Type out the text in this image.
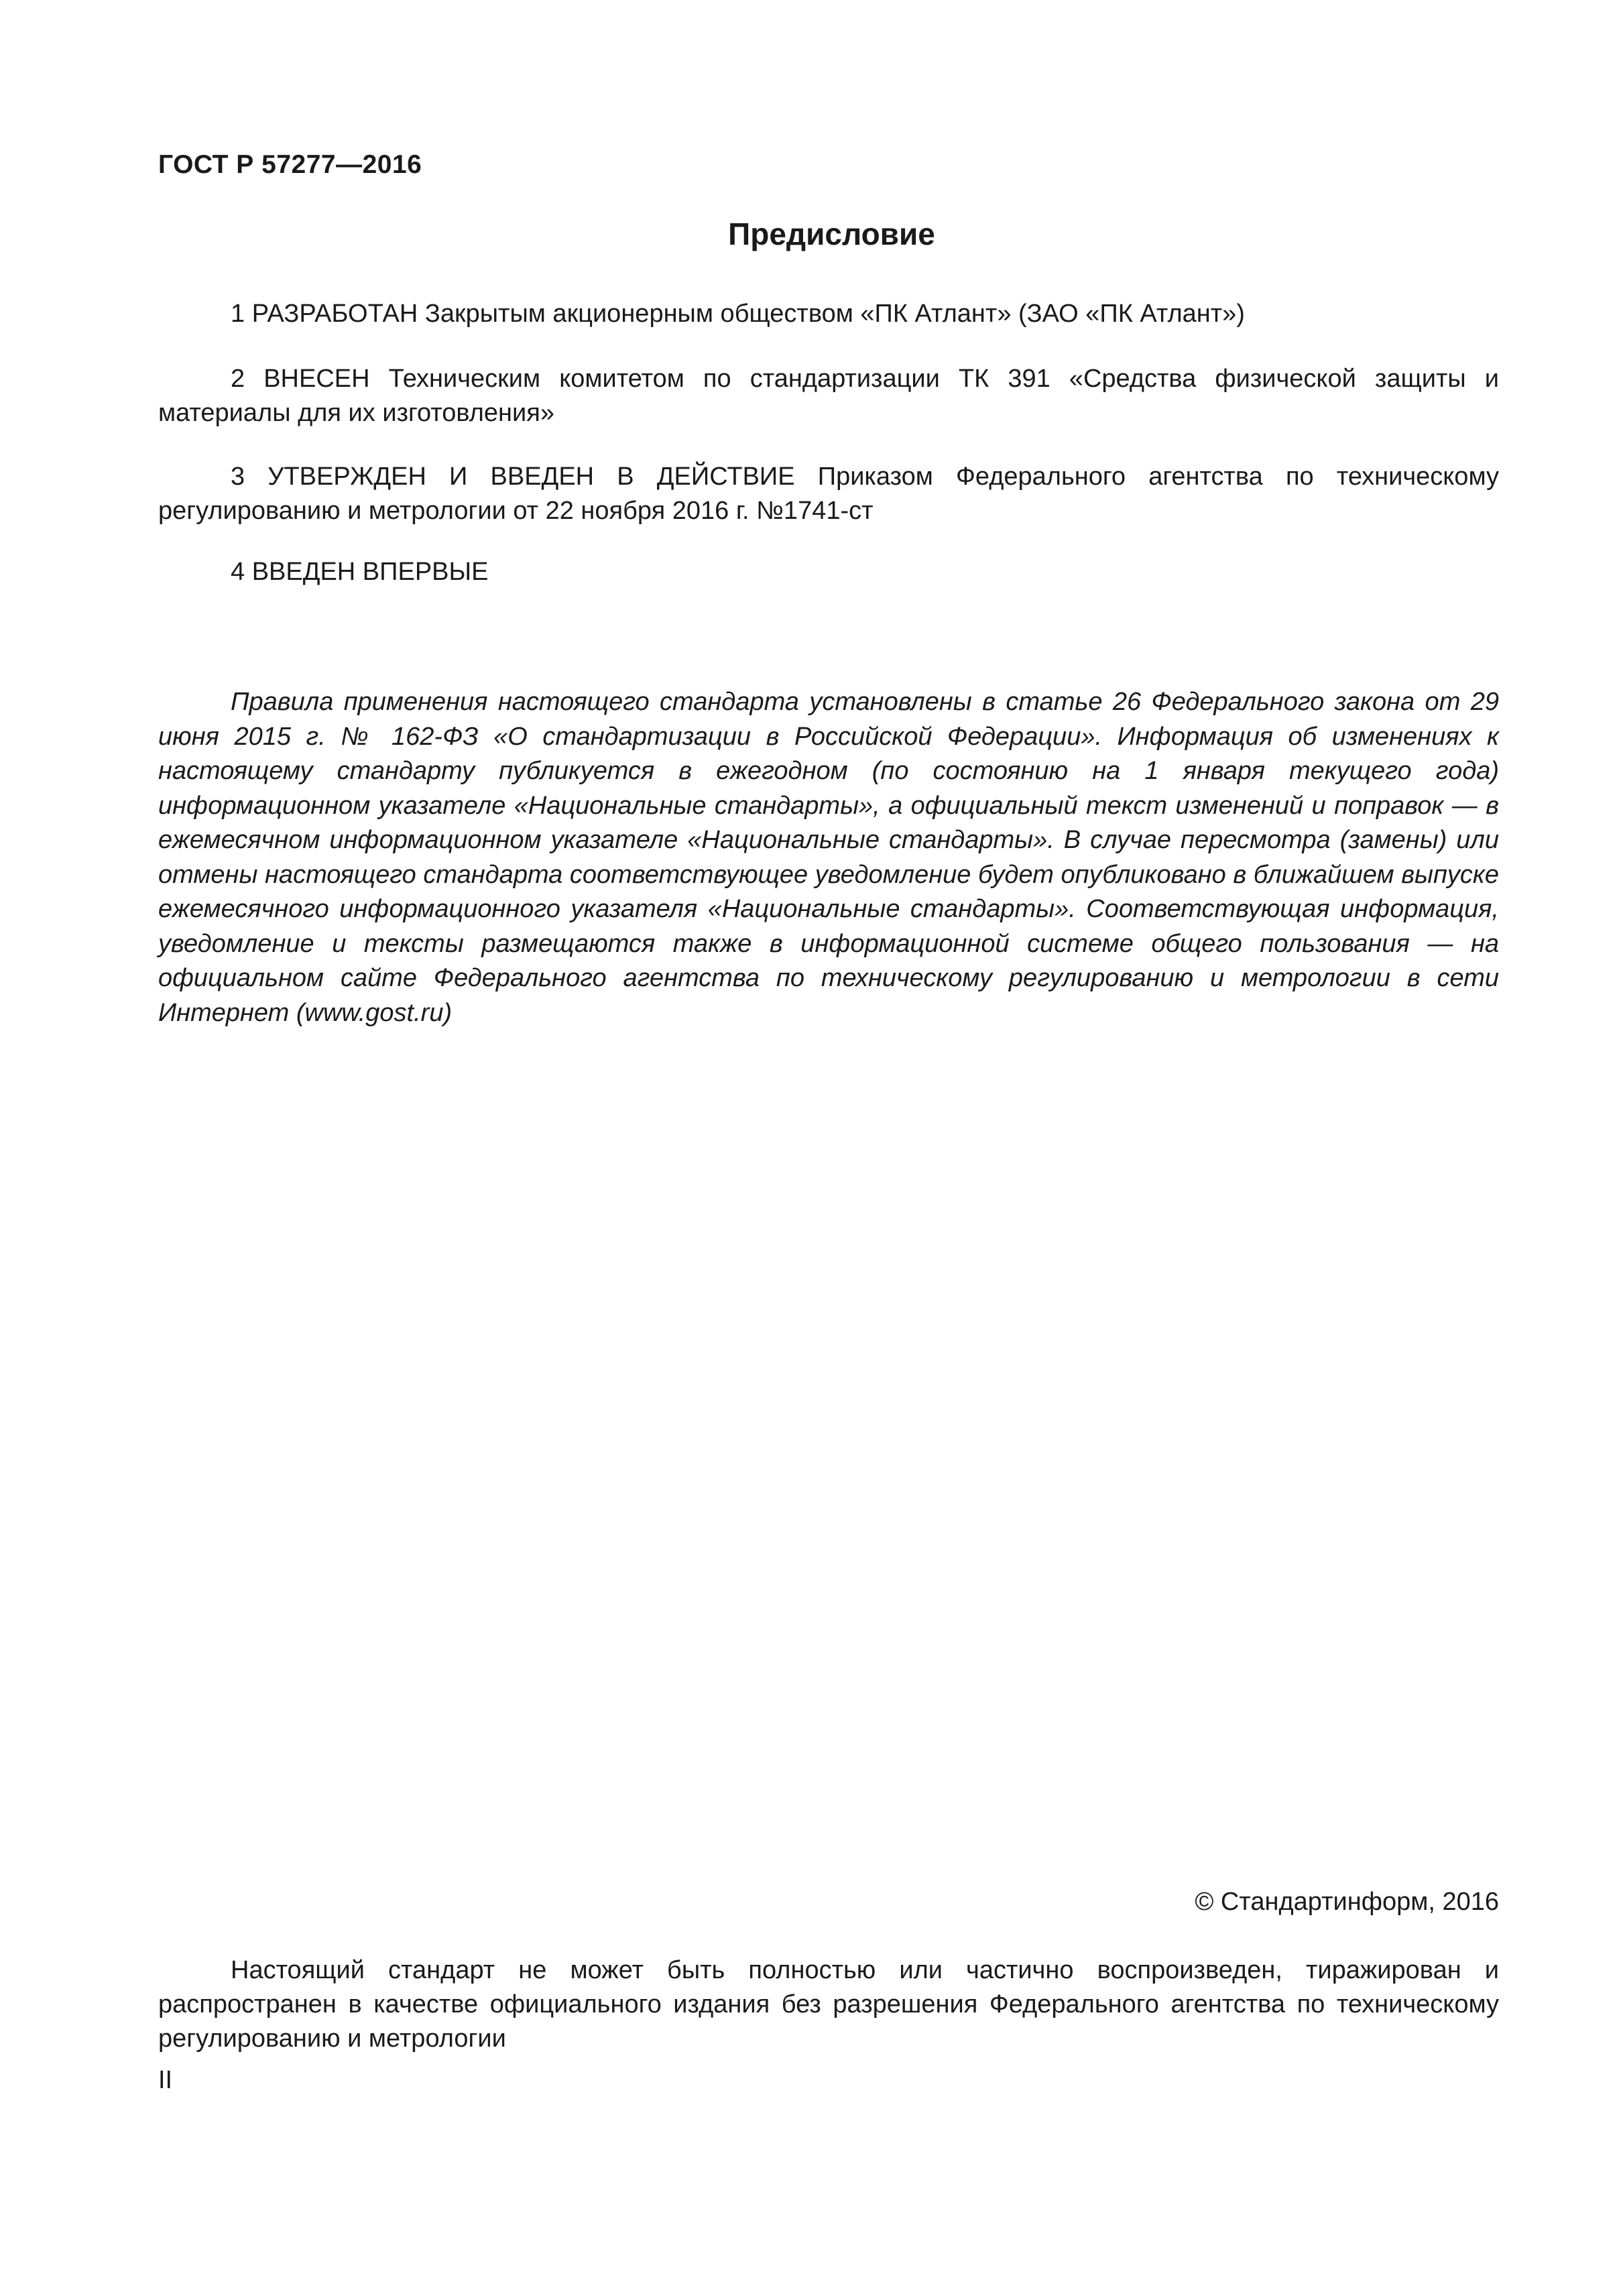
ГОСТ Р 57277—2016
Предисловие

1 РАЗРАБОТАН Закрытым акционерным обществом «ПК Атлант» (ЗАО «ПК Атлант»)

2 ВНЕСЕН Техническим комитетом по стандартизации ТК 391 «Средства физической защиты и материалы для их изготовления»

3 УТВЕРЖДЕН И ВВЕДЕН В ДЕЙСТВИЕ Приказом Федерального агентства по техническому регулированию и метрологии от 22 ноября 2016 г. №1741-ст

4 ВВЕДЕН ВПЕРВЫЕ

Правила применения настоящего стандарта установлены в статье 26 Федерального закона от 29 июня 2015 г. № 162-ФЗ «О стандартизации в Российской Федерации». Информация об изменениях к настоящему стандарту публикуется в ежегодном (по состоянию на 1 января текущего года) информационном указателе «Национальные стандарты», а официальный текст изменений и поправок — в ежемесячном информационном указателе «Национальные стандарты». В случае пересмотра (замены) или отмены настоящего стандарта соответствующее уведомление будет опубликовано в ближайшем выпуске ежемесячного информационного указателя «Национальные стандарты». Соответствующая информация, уведомление и тексты размещаются также в информационной системе общего пользования — на официальном сайте Федерального агентства по техническому регулированию и метрологии в сети Интернет (www.gost.ru)

© Стандартинформ, 2016

Настоящий стандарт не может быть полностью или частично воспроизведен, тиражирован и распространен в качестве официального издания без разрешения Федерального агентства по техническому регулированию и метрологии

II
